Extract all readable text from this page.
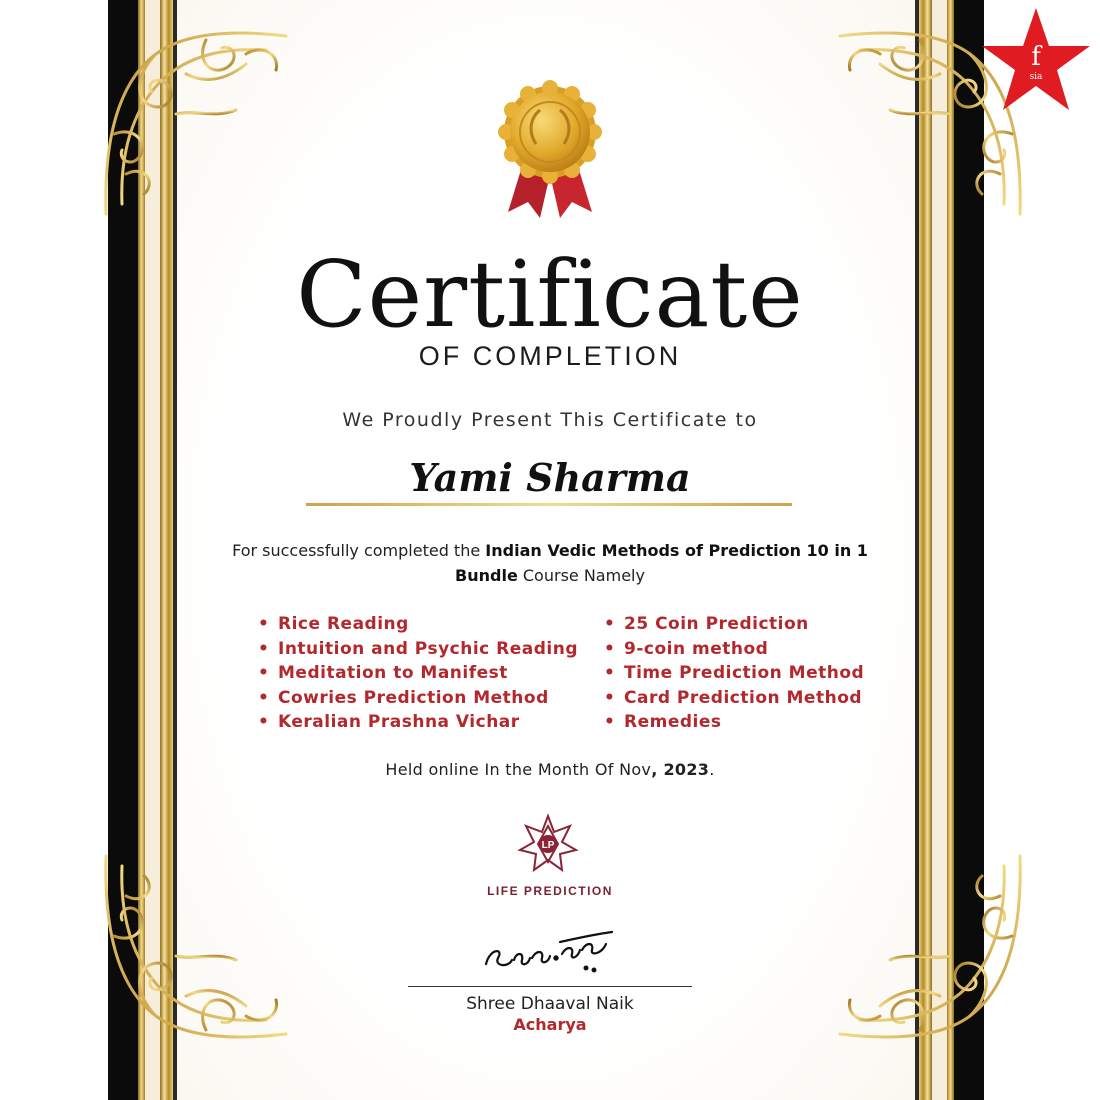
f
sia
Certificate
OF COMPLETION
We Proudly Present This Certificate to
Yami Sharma
For successfully completed the Indian Vedic Methods of Prediction 10 in 1 Bundle Course Namely
• Rice Reading
• Intuition and Psychic Reading
• Meditation to Manifest
• Cowries Prediction Method
• Keralian Prashna Vichar
• 25 Coin Prediction
• 9-coin method
• Time Prediction Method
• Card Prediction Method
• Remedies
Held online In the Month Of Nov, 2023.
LP
LIFE PREDICTION
Shree Dhaaval Naik
Acharya
